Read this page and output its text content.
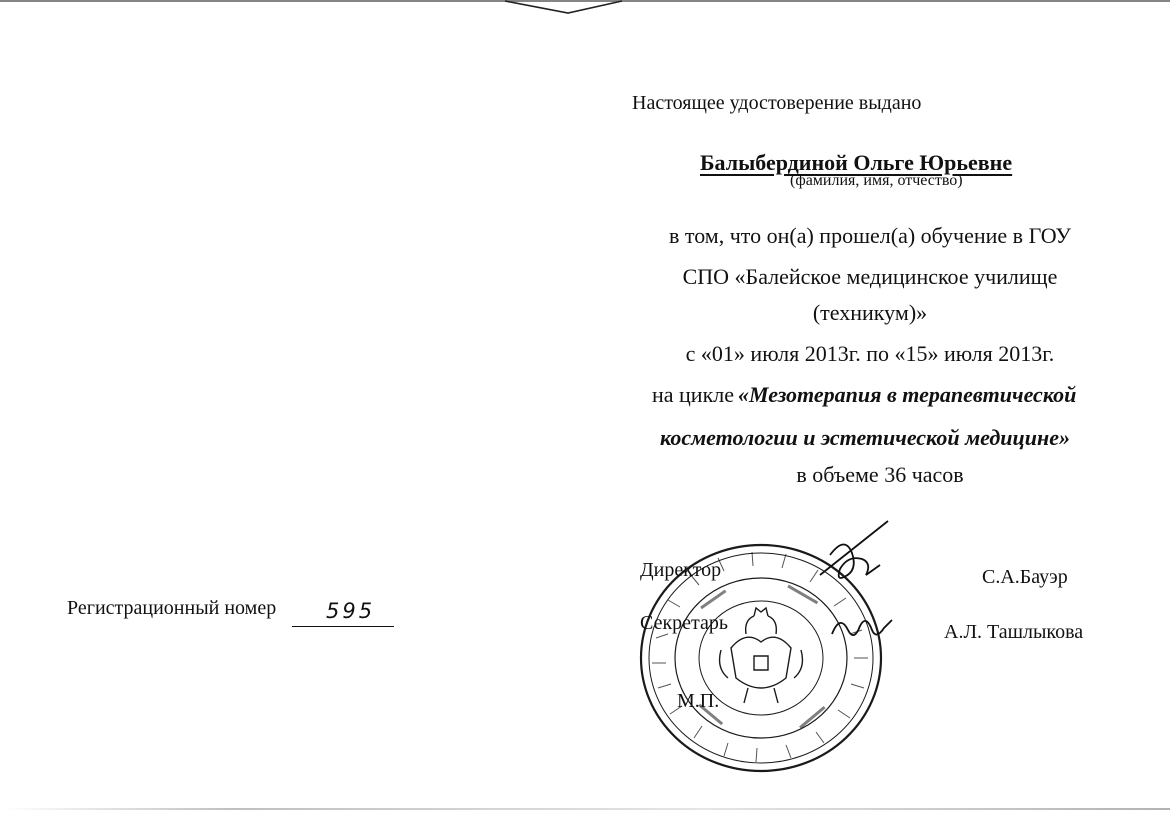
Настоящее удостоверение выдано
Балыбердиной Ольге Юрьевне
(фамилия, имя, отчество)
в том, что он(а) прошел(а) обучение в ГОУ
СПО «Балейское медицинское училище
(техникум)»
с «01» июля 2013г. по «15» июля 2013г.
на цикле «Мезотерапия в терапевтической
косметологии и эстетической медицине»
в объеме 36 часов
Директор	С.А.Бауэр
Секретарь	А.Л. Ташлыкова
М.П.
Регистрационный номер 595
